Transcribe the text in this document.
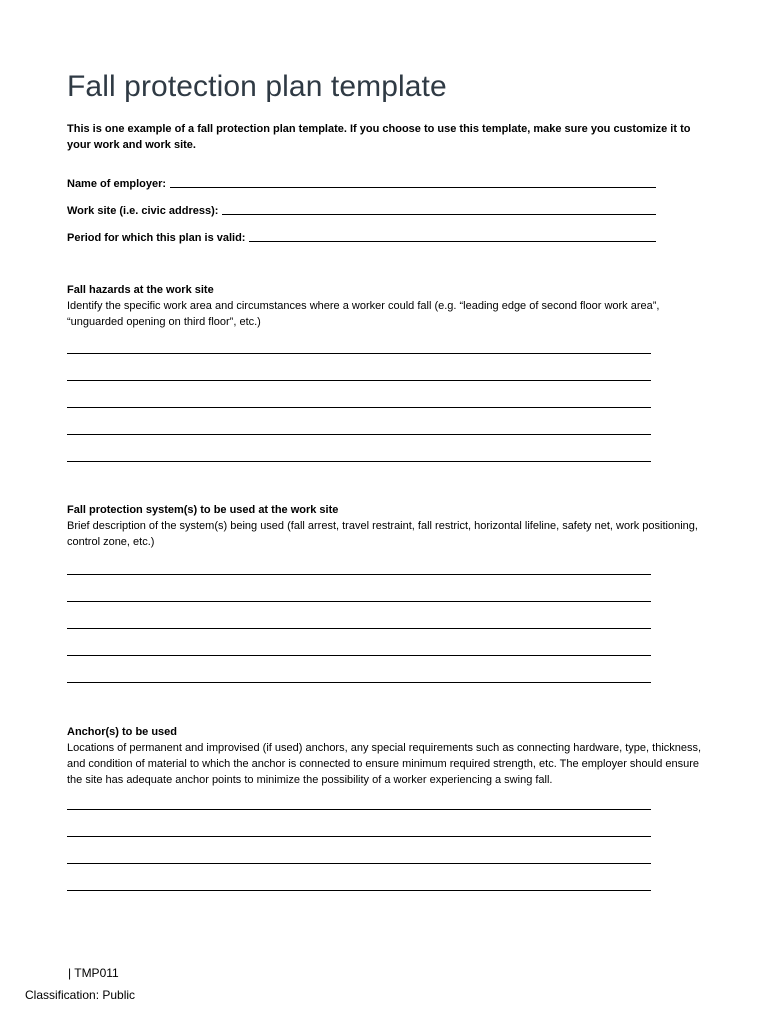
Fall protection plan template

This is one example of a fall protection plan template. If you choose to use this template, make sure you customize it to your work and work site.

Name of employer:
Work site (i.e. civic address):
Period for which this plan is valid:
Fall hazards at the work site

Identify the specific work area and circumstances where a worker could fall (e.g. “leading edge of second floor work area”, “unguarded opening on third floor”, etc.)

Fall protection system(s) to be used at the work site

Brief description of the system(s) being used (fall arrest, travel restraint, fall restrict, horizontal lifeline, safety net, work positioning, control zone, etc.)

Anchor(s) to be used

Locations of permanent and improvised (if used) anchors, any special requirements such as connecting hardware, type, thickness, and condition of material to which the anchor is connected to ensure minimum required strength, etc. The employer should ensure the site has adequate anchor points to minimize the possibility of a worker experiencing a swing fall.

| TMP011
Classification: Public
